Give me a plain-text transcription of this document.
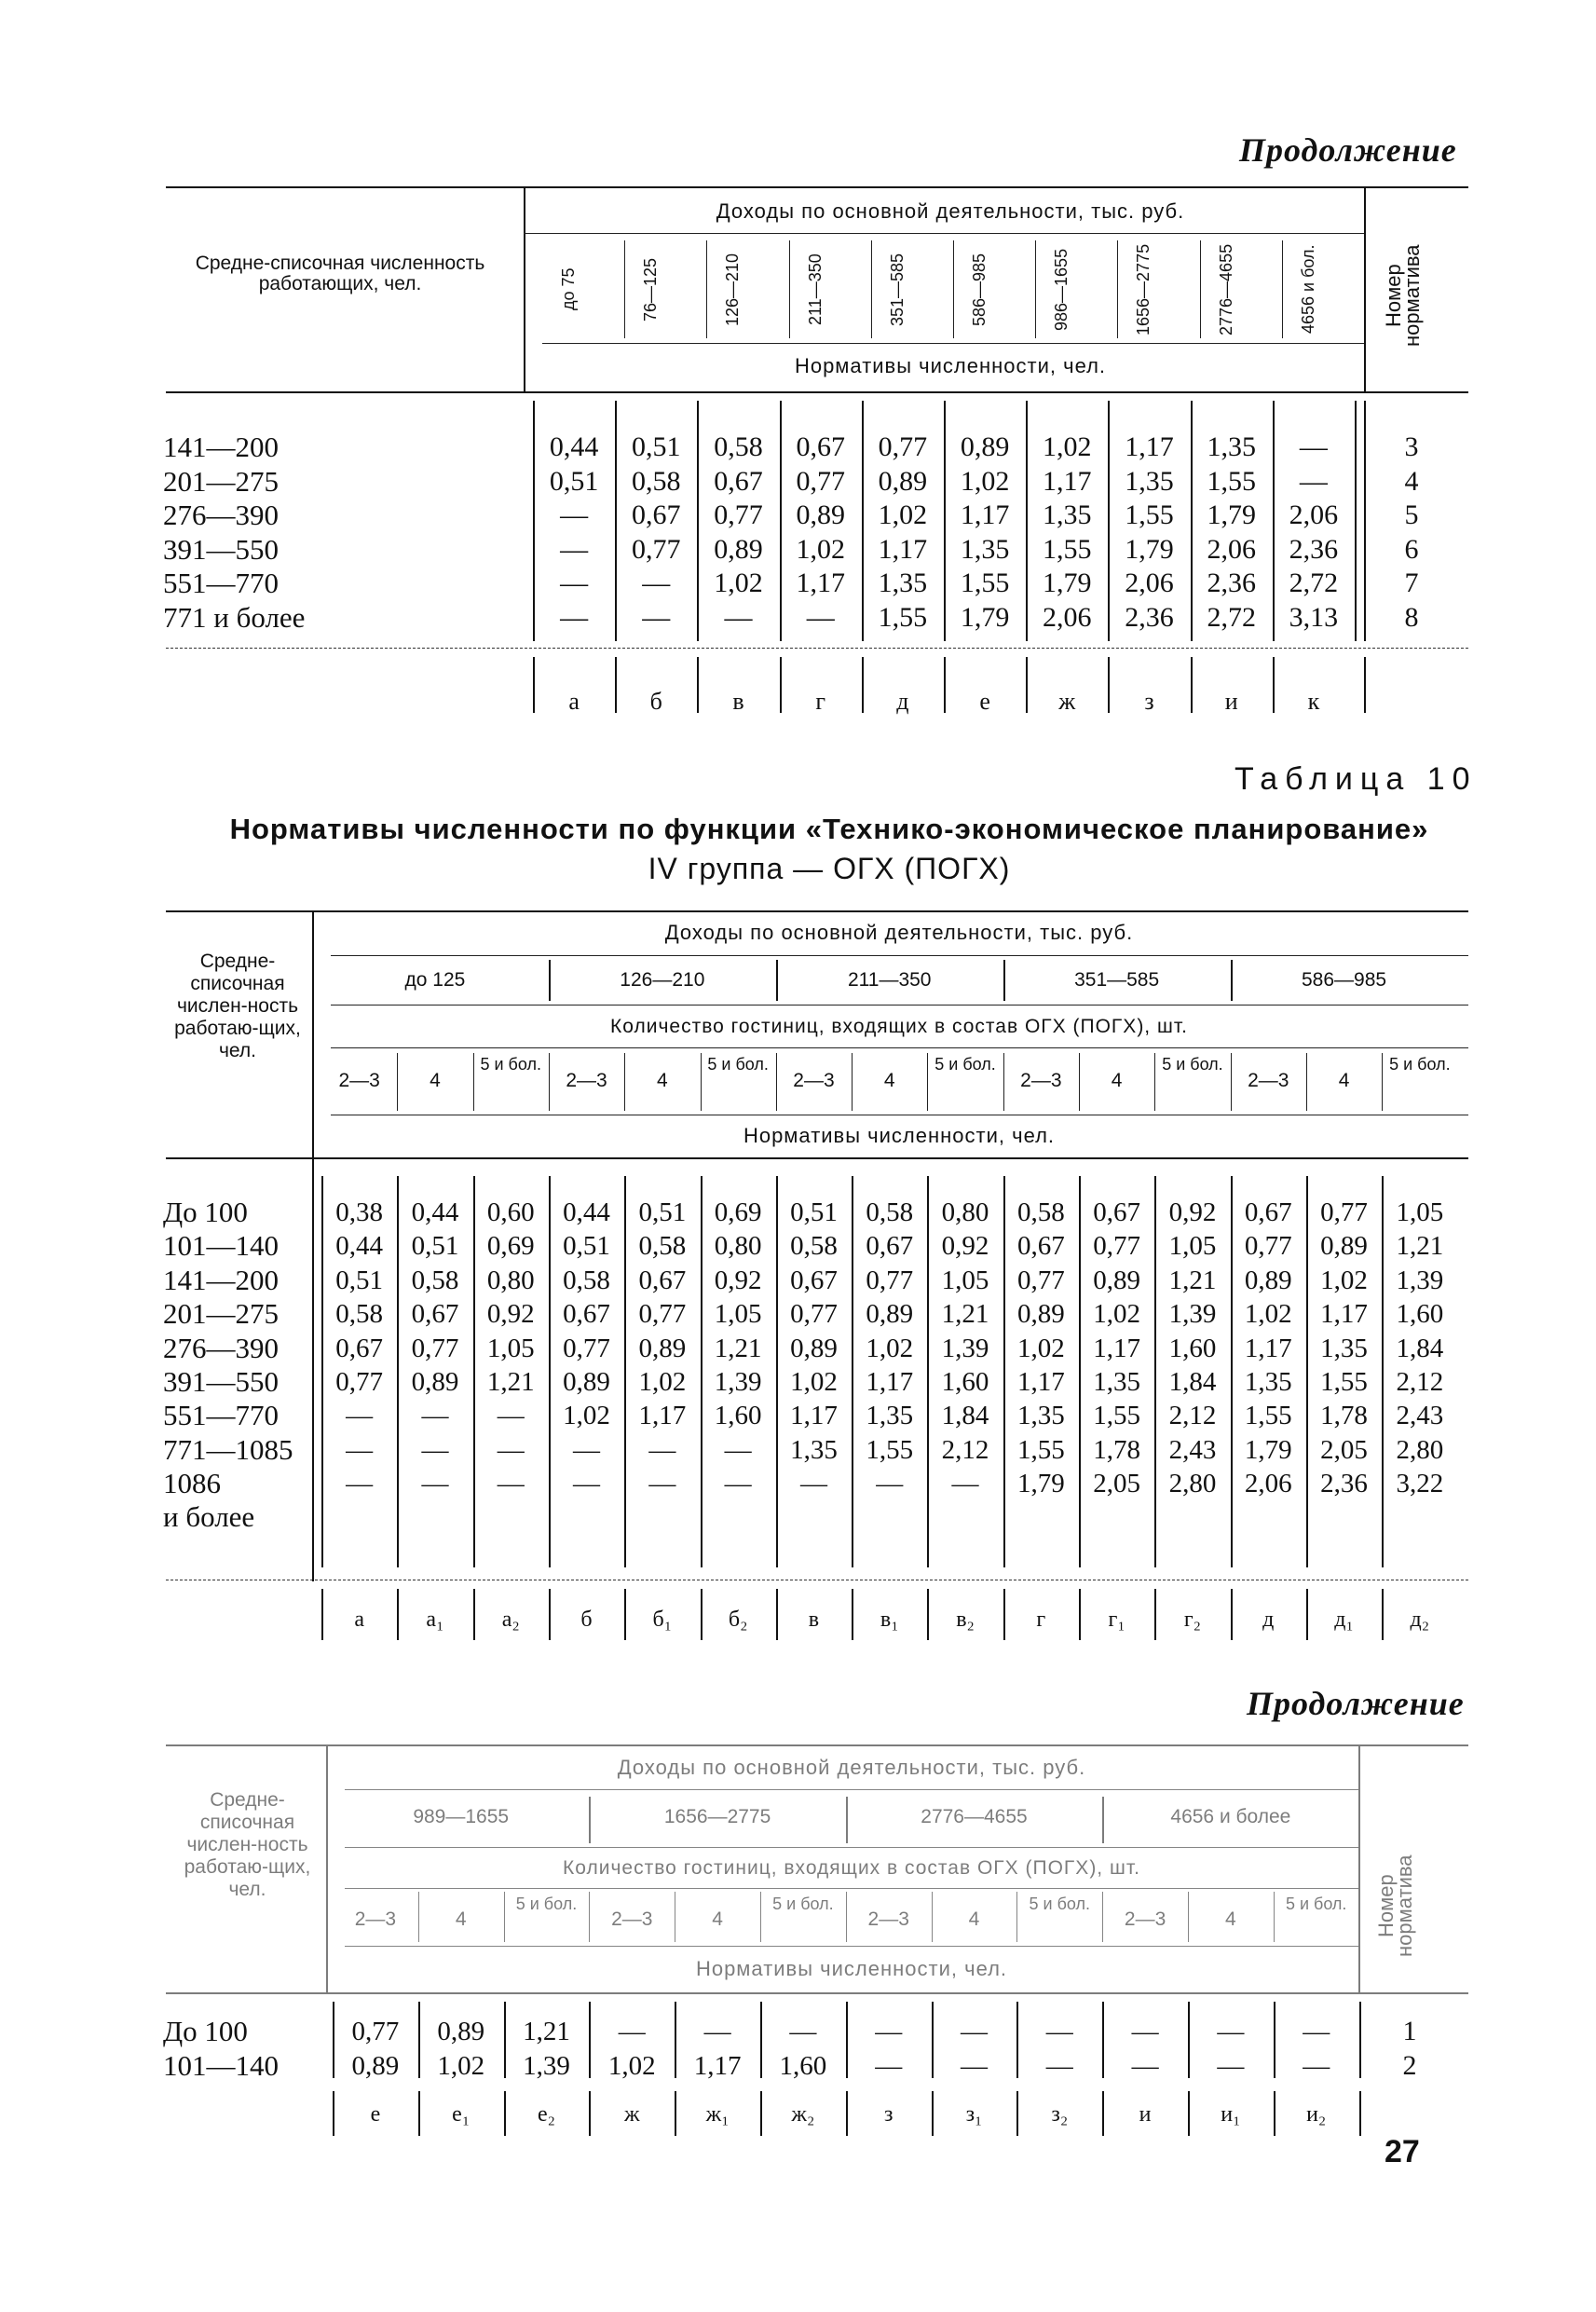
Продолжение
Средне-списочная численность работающих, чел.
Доходы по основной деятельности, тыс. руб.
Нормативы численности, чел.
Номер норматива
до 75	76—125	126—210	211—350	351—585	586—985	986—1655	1656—2775	2776—4655	4656 и бол.
141—200	0,44	0,51	0,58	0,67	0,77	0,89	1,02	1,17	1,35	—	3
201—275	0,51	0,58	0,67	0,77	0,89	1,02	1,17	1,35	1,55	—	4
276—390	—	0,67	0,77	0,89	1,02	1,17	1,35	1,55	1,79	2,06	5
391—550	—	0,77	0,89	1,02	1,17	1,35	1,55	1,79	2,06	2,36	6
551—770	—	—	1,02	1,17	1,35	1,55	1,79	2,06	2,36	2,72	7
771 и более	—	—	—	—	1,55	1,79	2,06	2,36	2,72	3,13	8
а	б	в	г	д	е	ж	з	и	к
Таблица 10
Нормативы численности по функции «Технико-экономическое планирование»
IV группа — ОГХ (ПОГХ)
Средне-списочная числен-ность работаю-щих, чел.
Доходы по основной деятельности, тыс. руб.
до 125	126—210	211—350	351—585	586—985
Количество гостиниц, входящих в состав ОГХ (ПОГХ), шт.
2—3	4
5 и бол.
2—3	4
5 и бол.
2—3	4
5 и бол.
2—3	4
5 и бол.
2—3	4
5 и бол.
Нормативы численности, чел.
До 100	0,38	0,44	0,60	0,44	0,51	0,69	0,51	0,58	0,80	0,58	0,67	0,92	0,67	0,77	1,05
101—140	0,44	0,51	0,69	0,51	0,58	0,80	0,58	0,67	0,92	0,67	0,77	1,05	0,77	0,89	1,21
141—200	0,51	0,58	0,80	0,58	0,67	0,92	0,67	0,77	1,05	0,77	0,89	1,21	0,89	1,02	1,39
201—275	0,58	0,67	0,92	0,67	0,77	1,05	0,77	0,89	1,21	0,89	1,02	1,39	1,02	1,17	1,60
276—390	0,67	0,77	1,05	0,77	0,89	1,21	0,89	1,02	1,39	1,02	1,17	1,60	1,17	1,35	1,84
391—550	0,77	0,89	1,21	0,89	1,02	1,39	1,02	1,17	1,60	1,17	1,35	1,84	1,35	1,55	2,12
551—770	—	—	—	1,02	1,17	1,60	1,17	1,35	1,84	1,35	1,55	2,12	1,55	1,78	2,43
771—1085	—	—	—	—	—	—	1,35	1,55	2,12	1,55	1,78	2,43	1,79	2,05	2,80
1086	—	—	—	—	—	—	—	—	—	1,79	2,05	2,80	2,06	2,36	3,22
и более
а	а₁	а₂	б	б₁	б₂	в	в₁	в₂	г	г₁	г₂	д	д₁	д₂
Продолжение
Средне-списочная числен-ность работаю-щих, чел.
Доходы по основной деятельности, тыс. руб.
989—1655	1656—2775	2776—4655	4656 и более
Количество гостиниц, входящих в состав ОГХ (ПОГХ), шт.
2—3	4
5 и бол.
2—3	4
5 и бол.
2—3	4
5 и бол.
2—3	4
5 и бол.
Нормативы численности, чел.
Номер норматива
До 100	0,77	0,89	1,21	—	—	—	—	—	—	—	—	—	1
101—140	0,89	1,02	1,39	1,02	1,17	1,60	—	—	—	—	—	—	2
е	е₁	е₂	ж	ж₁	ж₂	з	з₁	з₂	и	и₁	и₂
27
